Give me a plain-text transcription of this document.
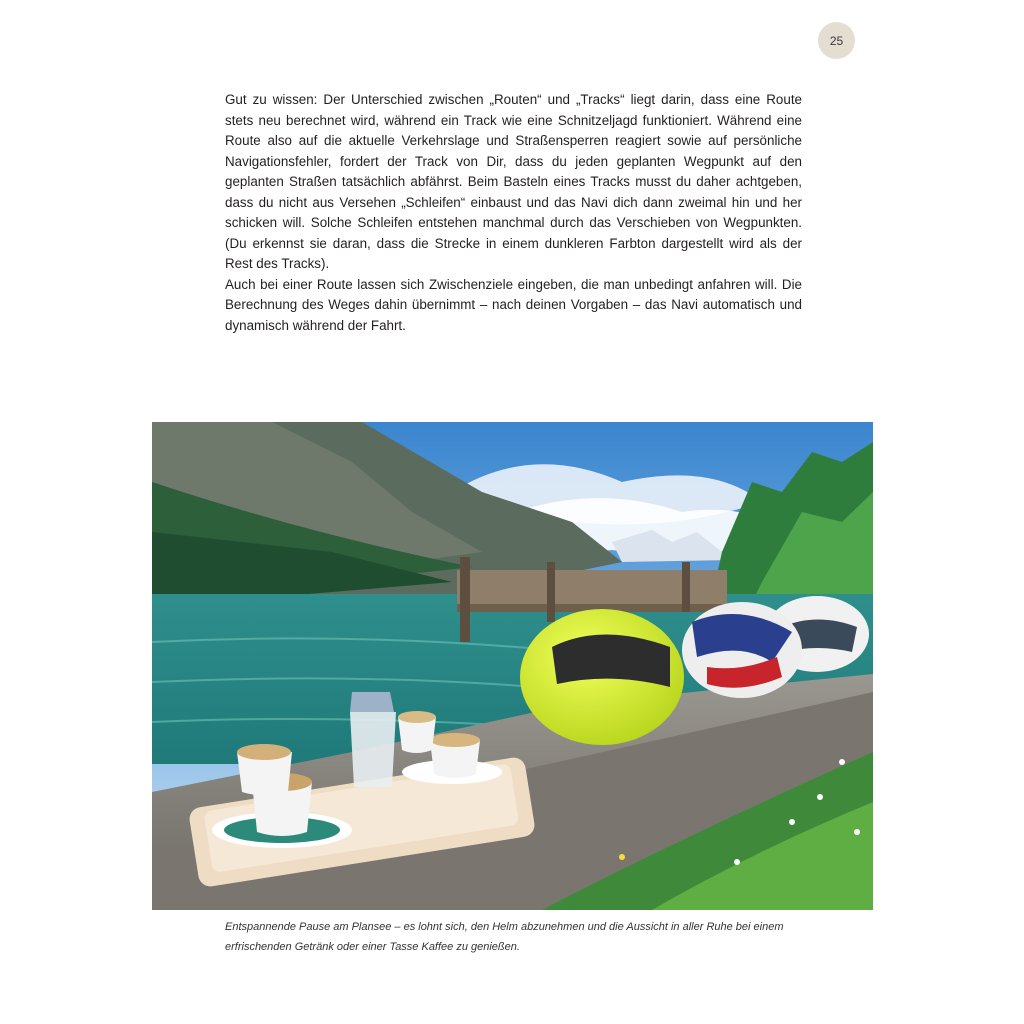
25

Gut zu wissen: Der Unterschied zwischen „Routen“ und „Tracks“ liegt darin, dass eine Route stets neu berechnet wird, während ein Track wie eine Schnitzeljagd funktioniert. Während eine Route also auf die aktuelle Verkehrslage und Straßensperren reagiert sowie auf persönliche Navigationsfehler, fordert der Track von Dir, dass du jeden geplanten Wegpunkt auf den geplanten Straßen tatsächlich abfährst. Beim Basteln eines Tracks musst du daher achtgeben, dass du nicht aus Versehen „Schleifen“ einbaust und das Navi dich dann zweimal hin und her schicken will. Solche Schleifen entstehen manchmal durch das Verschieben von Wegpunkten. (Du erkennst sie daran, dass die Strecke in einem dunkleren Farbton dargestellt wird als der Rest des Tracks).

Auch bei einer Route lassen sich Zwischenziele eingeben, die man unbedingt anfahren will. Die Berechnung des Weges dahin übernimmt – nach deinen Vorgaben – das Navi automatisch und dynamisch während der Fahrt.

Entspannende Pause am Plansee – es lohnt sich, den Helm abzunehmen und die Aussicht in aller Ruhe bei einem erfrischenden Getränk oder einer Tasse Kaffee zu genießen.
